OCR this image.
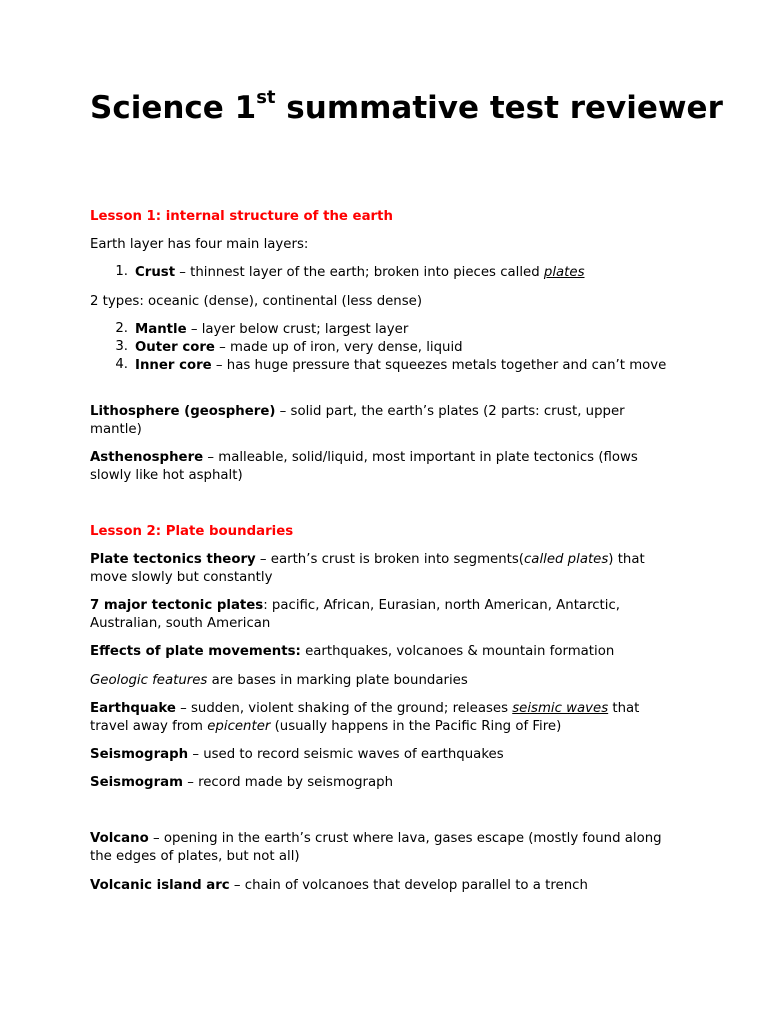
Science 1st summative test reviewer

Lesson 1: internal structure of the earth

Earth layer has four main layers:

1. Crust – thinnest layer of the earth; broken into pieces called plates

2 types: oceanic (dense), continental (less dense)

2. Mantle – layer below crust; largest layer
3. Outer core – made up of iron, very dense, liquid
4. Inner core – has huge pressure that squeezes metals together and can’t move

Lithosphere (geosphere) – solid part, the earth’s plates (2 parts: crust, upper mantle)

Asthenosphere – malleable, solid/liquid, most important in plate tectonics (flows slowly like hot asphalt)

Lesson 2: Plate boundaries

Plate tectonics theory – earth’s crust is broken into segments(called plates) that move slowly but constantly

7 major tectonic plates: pacific, African, Eurasian, north American, Antarctic, Australian, south American

Effects of plate movements: earthquakes, volcanoes & mountain formation

Geologic features are bases in marking plate boundaries

Earthquake – sudden, violent shaking of the ground; releases seismic waves that travel away from epicenter (usually happens in the Pacific Ring of Fire)

Seismograph – used to record seismic waves of earthquakes

Seismogram – record made by seismograph

Volcano – opening in the earth’s crust where lava, gases escape (mostly found along the edges of plates, but not all)

Volcanic island arc – chain of volcanoes that develop parallel to a trench
